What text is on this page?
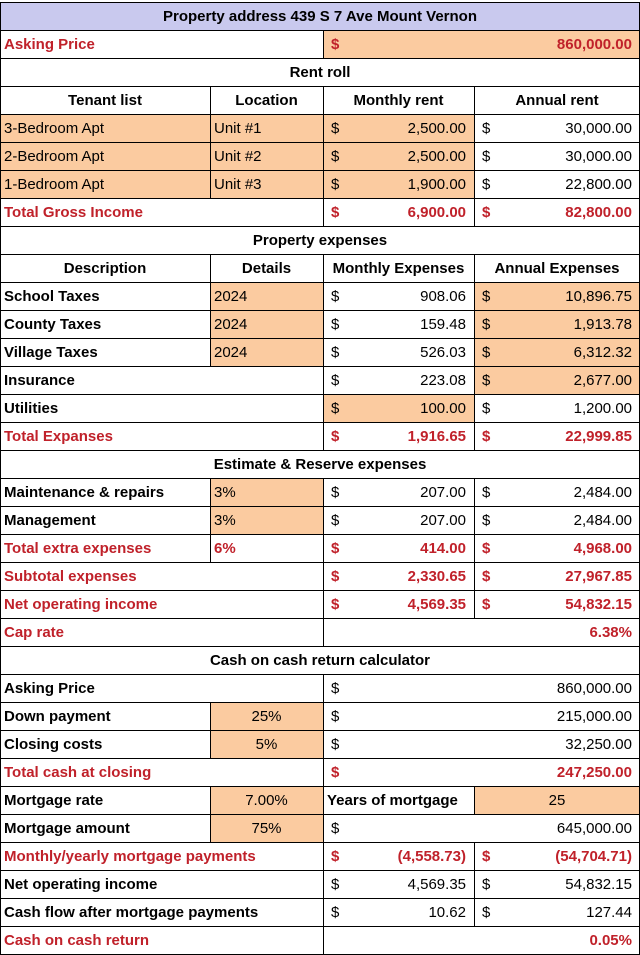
Property address 439 S 7 Ave Mount Vernon
Asking Price	$	860,000.00
Rent roll
Tenant list	Location	Monthly rent	Annual rent
3-Bedroom Apt	Unit #1	$	2,500.00 $	30,000.00
2-Bedroom Apt	Unit #2	$	2,500.00 $	30,000.00
1-Bedroom Apt	Unit #3	$	1,900.00 $	22,800.00
Total Gross Income	$	6,900.00 $	82,800.00
Property expenses
Description	Details	Monthly Expenses	Annual Expenses
School Taxes	2024	$	908.06 $	10,896.75
County Taxes	2024	$	159.48 $	1,913.78
Village Taxes	2024	$	526.03 $	6,312.32
Insurance	$	223.08 $	2,677.00
Utilities	$	100.00 $	1,200.00
Total Expanses	$	1,916.65 $	22,999.85
Estimate & Reserve expenses
Maintenance & repairs	3%	$	207.00 $	2,484.00
Management	3%	$	207.00 $	2,484.00
Total extra expenses	6%	$	414.00 $	4,968.00
Subtotal expenses	$	2,330.65 $	27,967.85
Net operating income	$	4,569.35 $	54,832.15
Cap rate	6.38%
Cash on cash return calculator
Asking Price	$	860,000.00
Down payment	25%	$	215,000.00
Closing costs	5%	$	32,250.00
Total cash at closing	$	247,250.00
Mortgage rate	7.00%	Years of mortgage	25
Mortgage amount	75%	$	645,000.00
Monthly/yearly mortgage payments	$	(4,558.73) $	(54,704.71)
Net operating income	$	4,569.35 $	54,832.15
Cash flow after mortgage payments	$	10.62 $	127.44
Cash on cash return	0.05%
